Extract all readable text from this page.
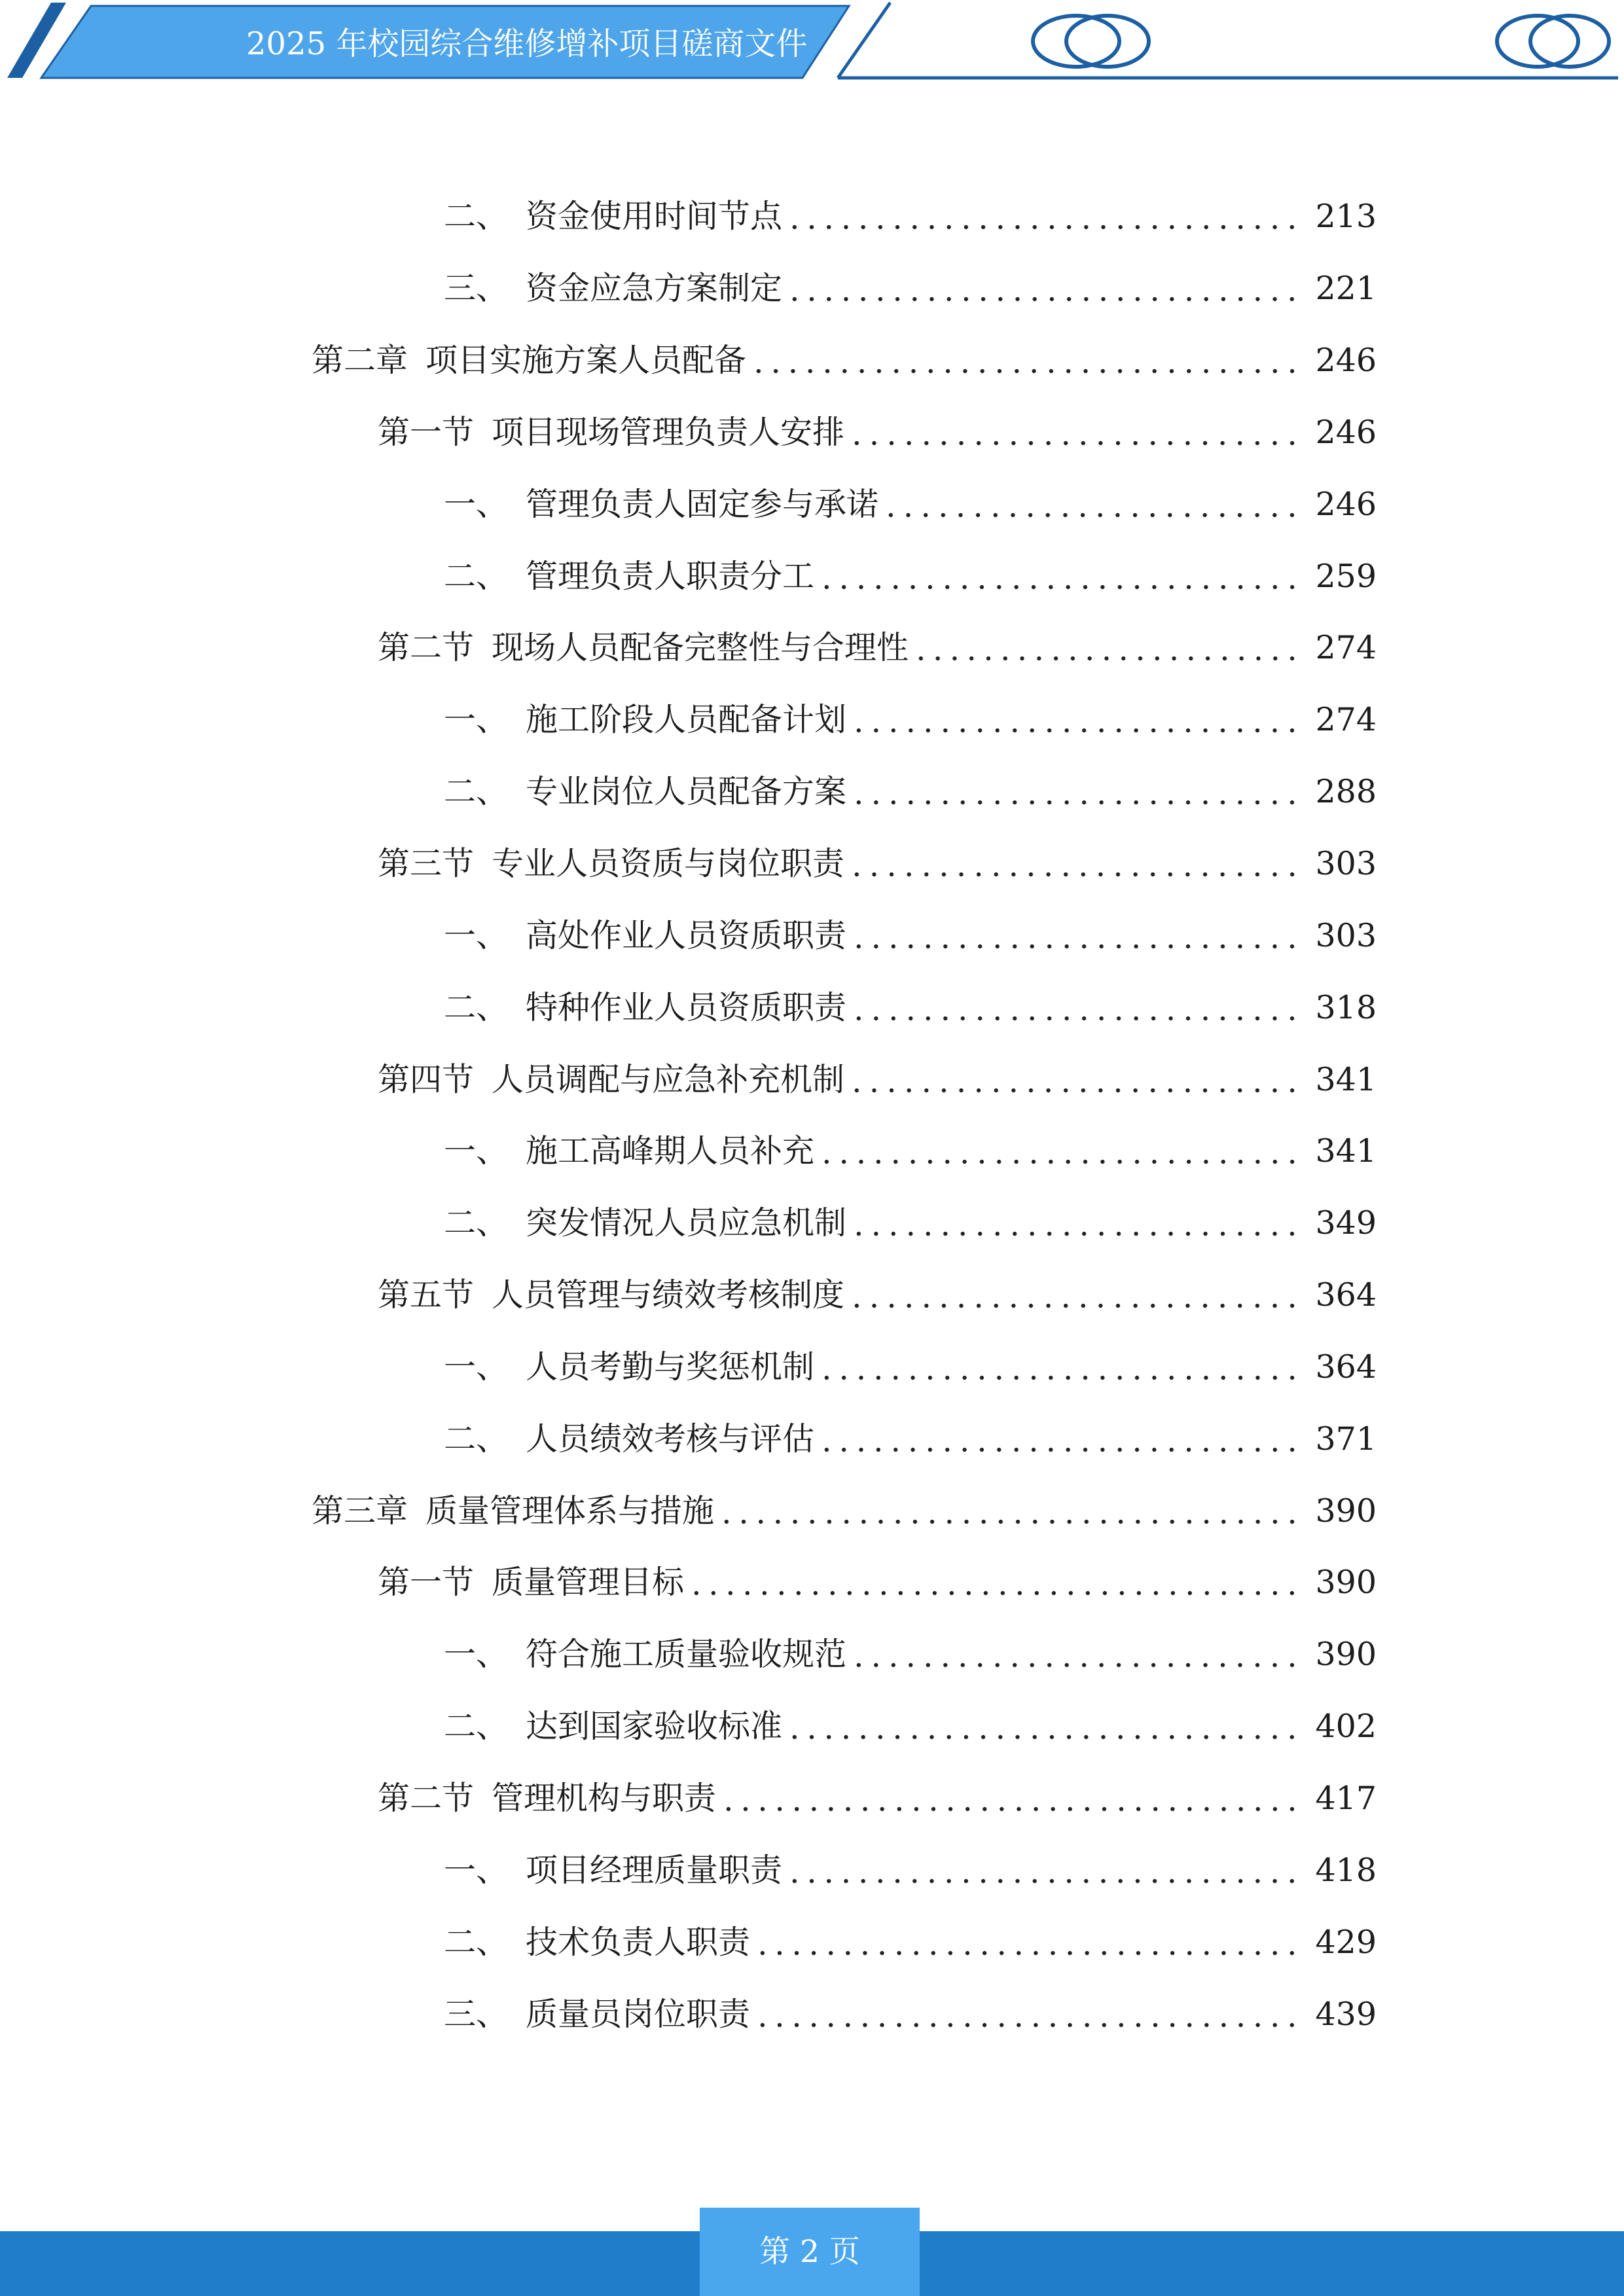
2025 年校园综合维修增补项目磋商文件
二、 资金使用时间节点	213
三、 资金应急方案制定	221
第二章 项目实施方案人员配备	246
第一节 项目现场管理负责人安排	246
一、 管理负责人固定参与承诺	246
二、 管理负责人职责分工	259
第二节 现场人员配备完整性与合理性	274
一、 施工阶段人员配备计划	274
二、 专业岗位人员配备方案	288
第三节 专业人员资质与岗位职责	303
一、 高处作业人员资质职责	303
二、 特种作业人员资质职责	318
第四节 人员调配与应急补充机制	341
一、 施工高峰期人员补充	341
二、 突发情况人员应急机制	349
第五节 人员管理与绩效考核制度	364
一、 人员考勤与奖惩机制	364
二、 人员绩效考核与评估	371
第三章 质量管理体系与措施	390
第一节 质量管理目标	390
一、 符合施工质量验收规范	390
二、 达到国家验收标准	402
第二节 管理机构与职责	417
一、 项目经理质量职责	418
二、 技术负责人职责	429
三、 质量员岗位职责	439
第 2 页
